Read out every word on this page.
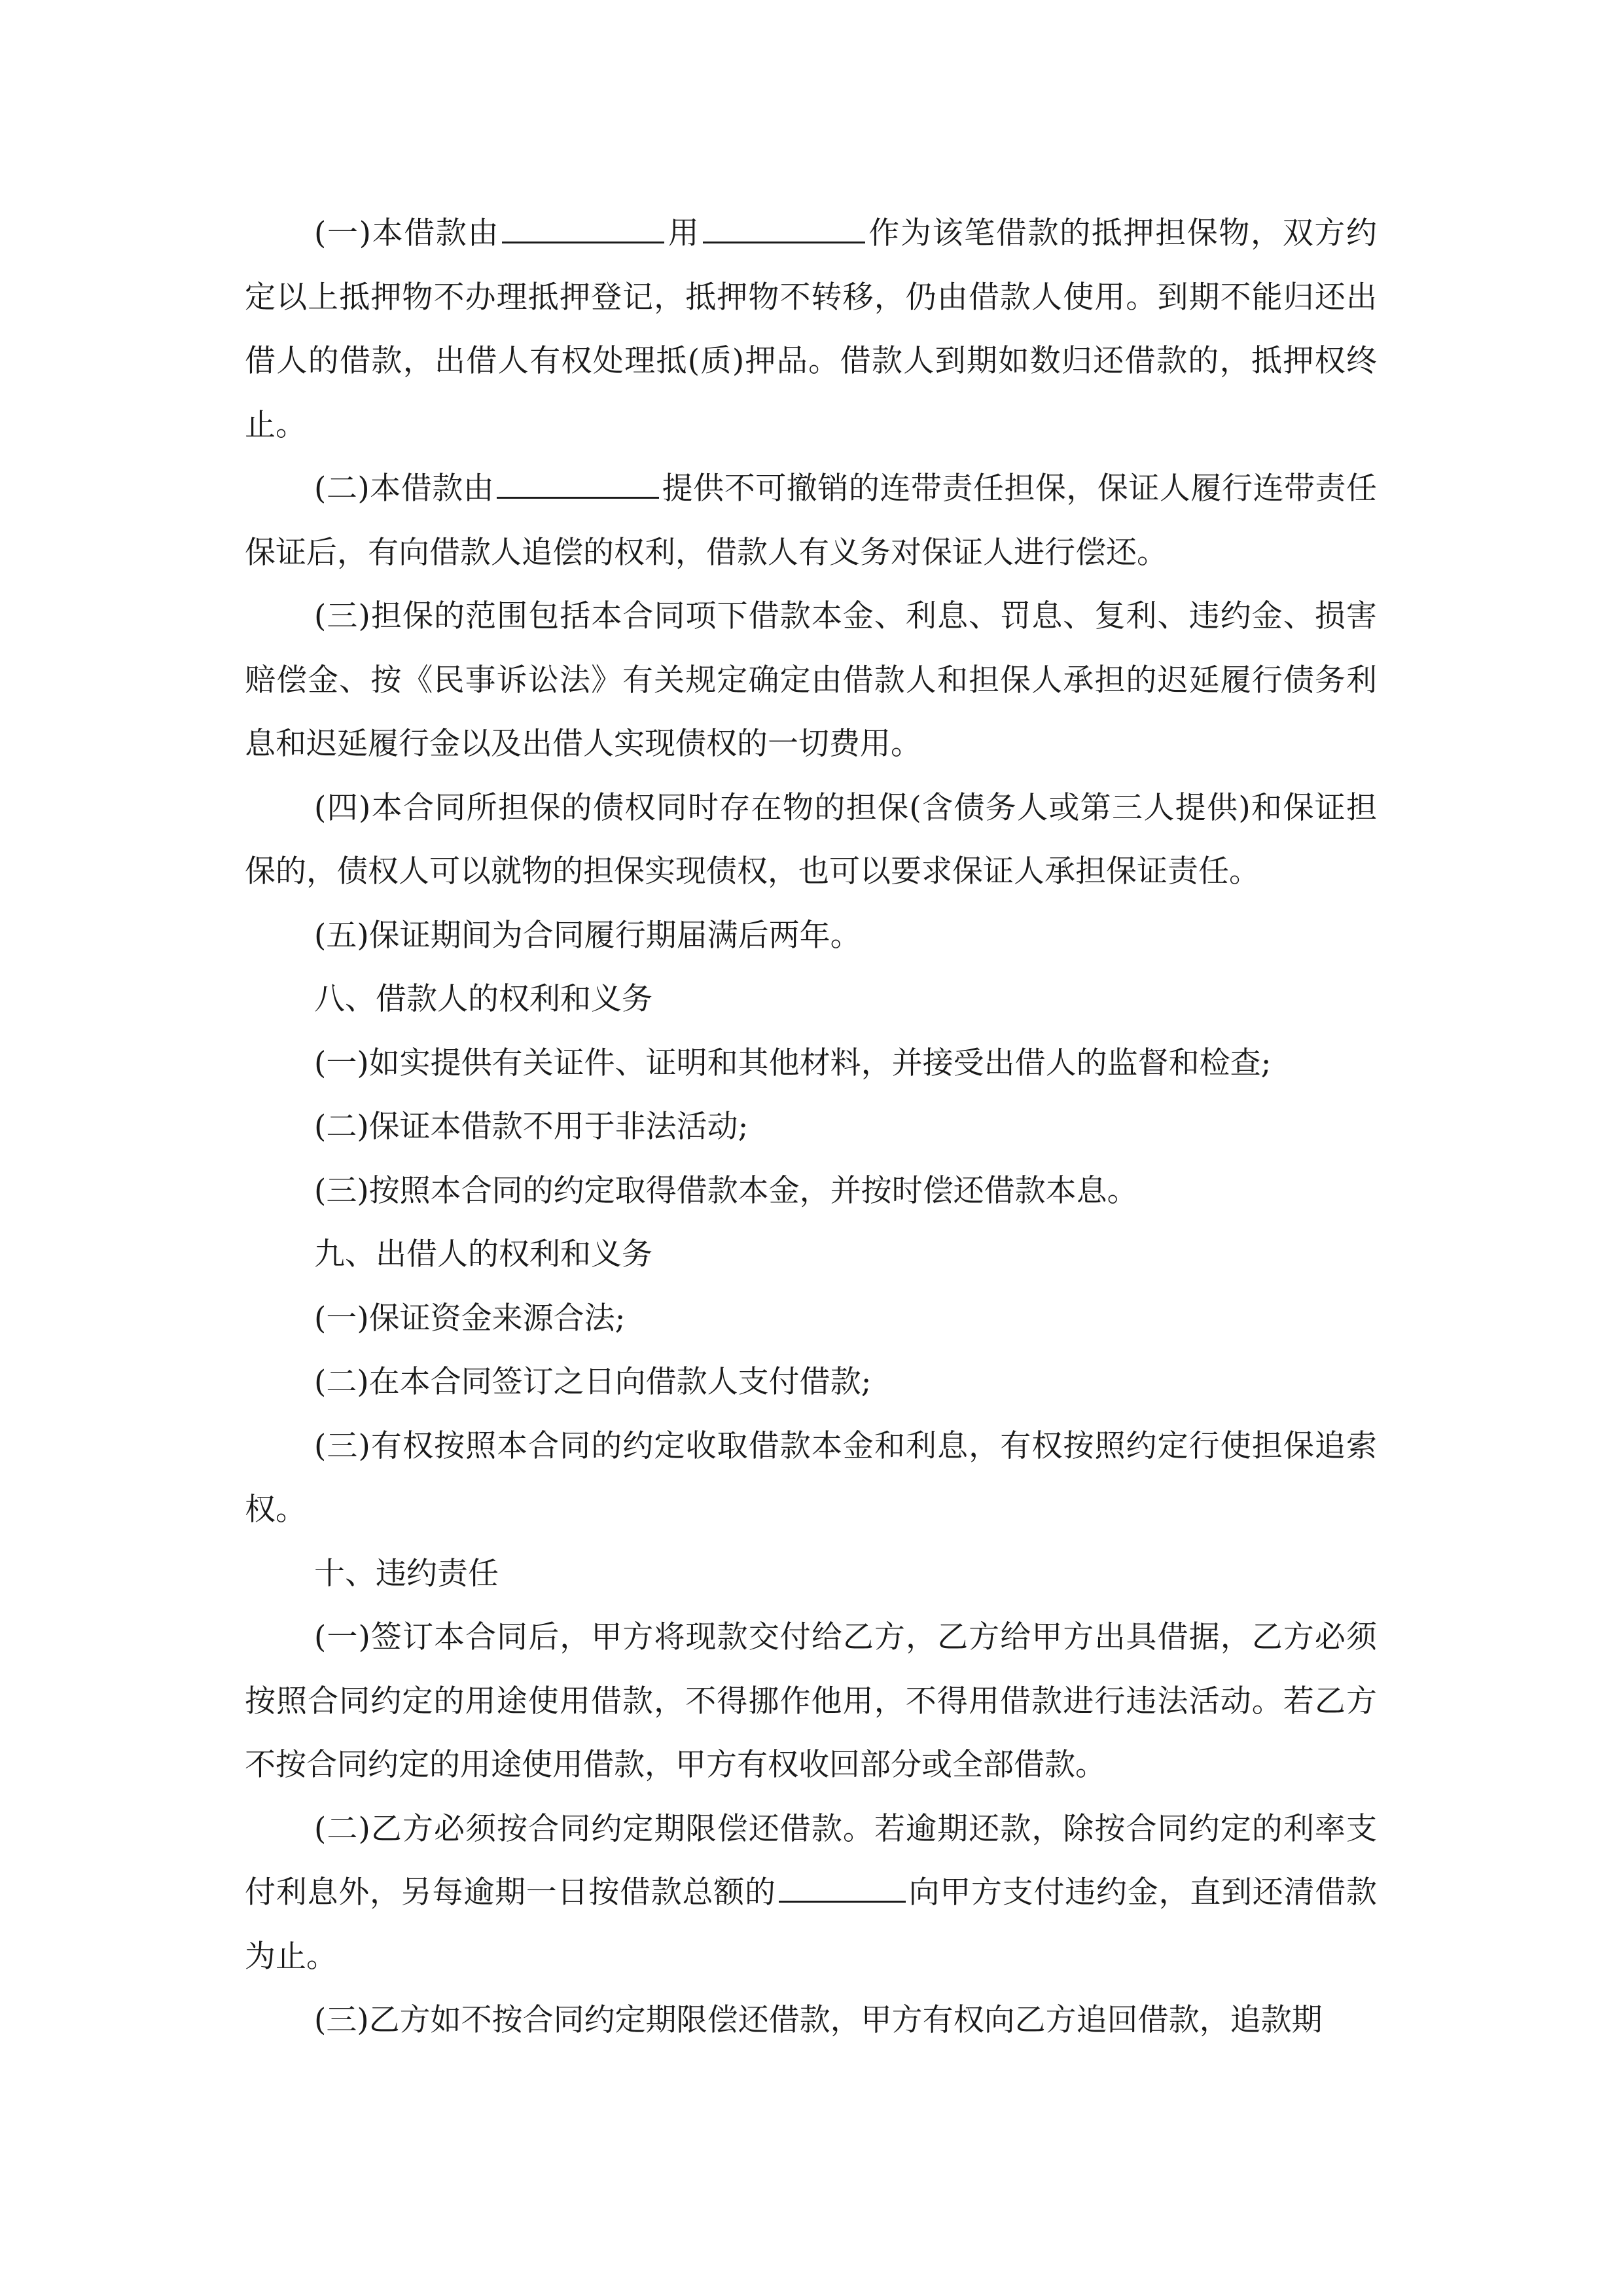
(一)本借款由	用	作为该笔借款的抵押担保物，双方约定以上抵押物不办理抵押登记，抵押物不转移，仍由借款人使用。到期不能归还出借人的借款，出借人有权处理抵(质)押品。借款人到期如数归还借款的，抵押权终止。

(二)本借款由	提供不可撤销的连带责任担保，保证人履行连带责任保证后，有向借款人追偿的权利，借款人有义务对保证人进行偿还。

(三)担保的范围包括本合同项下借款本金、利息、罚息、复利、违约金、损害赔偿金、按《民事诉讼法》有关规定确定由借款人和担保人承担的迟延履行债务利息和迟延履行金以及出借人实现债权的一切费用。

(四)本合同所担保的债权同时存在物的担保(含债务人或第三人提供)和保证担保的，债权人可以就物的担保实现债权，也可以要求保证人承担保证责任。

(五)保证期间为合同履行期届满后两年。

八、借款人的权利和义务

(一)如实提供有关证件、证明和其他材料，并接受出借人的监督和检查;

(二)保证本借款不用于非法活动;

(三)按照本合同的约定取得借款本金，并按时偿还借款本息。

九、出借人的权利和义务

(一)保证资金来源合法;

(二)在本合同签订之日向借款人支付借款;

(三)有权按照本合同的约定收取借款本金和利息，有权按照约定行使担保追索权。

十、违约责任

(一)签订本合同后，甲方将现款交付给乙方，乙方给甲方出具借据，乙方必须按照合同约定的用途使用借款，不得挪作他用，不得用借款进行违法活动。若乙方不按合同约定的用途使用借款，甲方有权收回部分或全部借款。

(二)乙方必须按合同约定期限偿还借款。若逾期还款，除按合同约定的利率支付利息外，另每逾期一日按借款总额的	向甲方支付违约金，直到还清借款为止。

(三)乙方如不按合同约定期限偿还借款，甲方有权向乙方追回借款，追款期
